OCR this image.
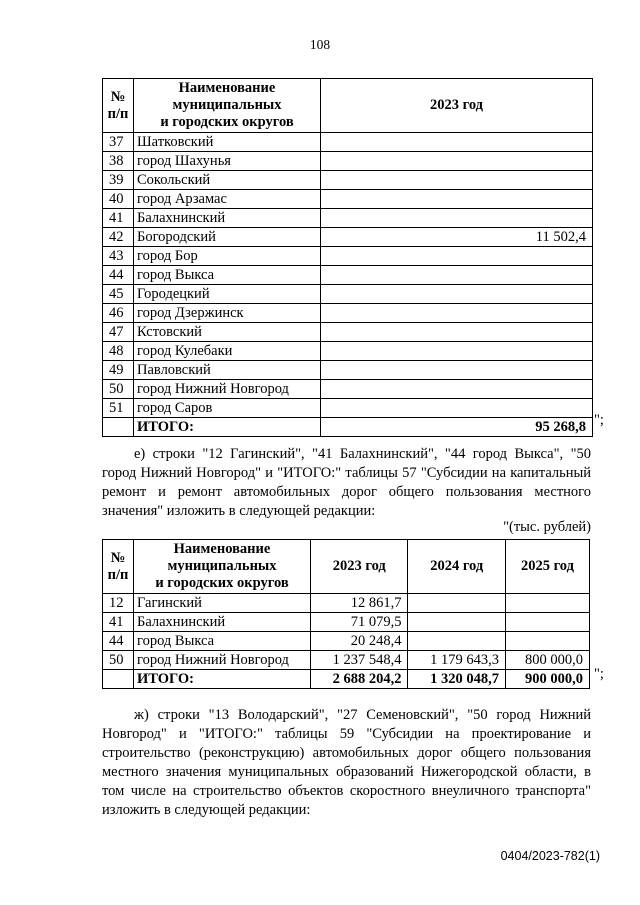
108
№
п/п	Наименование
муниципальных
и городских округов	2023 год
37	Шатковский	
38	город Шахунья	
39	Сокольский	
40	город Арзамас	
41	Балахнинский	
42	Богородский	11 502,4
43	город Бор	
44	город Выкса	
45	Городецкий	
46	город Дзержинск	
47	Кстовский	
48	город Кулебаки	
49	Павловский	
50	город Нижний Новгород	
51	город Саров	
	ИТОГО:	95 268,8 ";
е) строки "12 Гагинский", "41 Балахнинский", "44 город Выкса", "50 город Нижний Новгород" и "ИТОГО:" таблицы 57 "Субсидии на капитальный ремонт и ремонт автомобильных дорог общего пользования местного значения" изложить в следующей редакции:
"(тыс. рублей)
№
п/п	Наименование
муниципальных
и городских округов	2023 год	2024 год	2025 год
12	Гагинский	12 861,7		
41	Балахнинский	71 079,5		
44	город Выкса	20 248,4		
50	город Нижний Новгород	1 237 548,4	1 179 643,3	800 000,0
	ИТОГО:	2 688 204,2	1 320 048,7	900 000,0 ";
ж) строки "13 Володарский", "27 Семеновский", "50 город Нижний Новгород" и "ИТОГО:" таблицы 59 "Субсидии на проектирование и строительство (реконструкцию) автомобильных дорог общего пользования местного значения муниципальных образований Нижегородской области, в том числе на строительство объектов скоростного внеуличного транспорта" изложить в следующей редакции:
0404/2023-782(1)
